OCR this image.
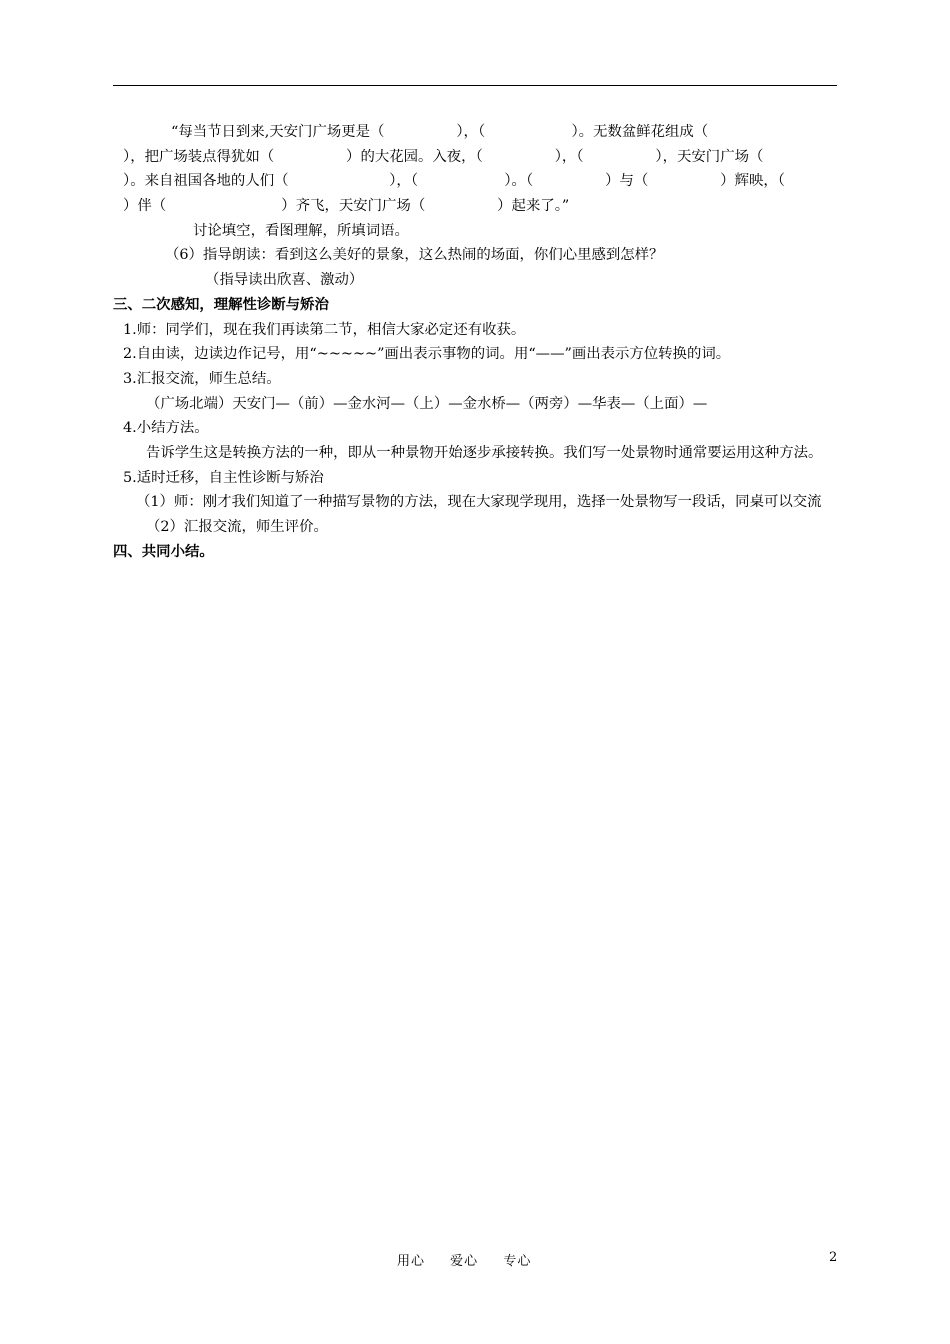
“每当节日到来,天安门广场更是（　　　　　），（　　　　　　）。无数盆鲜花组成（
），把广场装点得犹如（　　　　　）的大花园。入夜，（　　　　　），（　　　　　），天安门广场（
）。来自祖国各地的人们（　　　　　　　），（　　　　　　）。（　　　　　）与（　　　　　）辉映，（
）伴（　　　　　　　　）齐飞，天安门广场（　　　　　）起来了。”
讨论填空，看图理解，所填词语。
（6）指导朗读：看到这么美好的景象，这么热闹的场面，你们心里感到怎样？
（指导读出欣喜、激动）
三、二次感知，理解性诊断与矫治
1.师：同学们，现在我们再读第二节，相信大家必定还有收获。
2.自由读，边读边作记号，用“~~~~~”画出表示事物的词。用“——”画出表示方位转换的词。
3.汇报交流，师生总结。
（广场北端）天安门—（前）—金水河—（上）—金水桥—（两旁）—华表—（上面）—
4.小结方法。
告诉学生这是转换方法的一种，即从一种景物开始逐步承接转换。我们写一处景物时通常要运用这种方法。
5.适时迁移，自主性诊断与矫治
（1）师：刚才我们知道了一种描写景物的方法，现在大家现学现用，选择一处景物写一段话，同桌可以交流
（2）汇报交流，师生评价。
四、共同小结。
用心 爱心 专心	2
